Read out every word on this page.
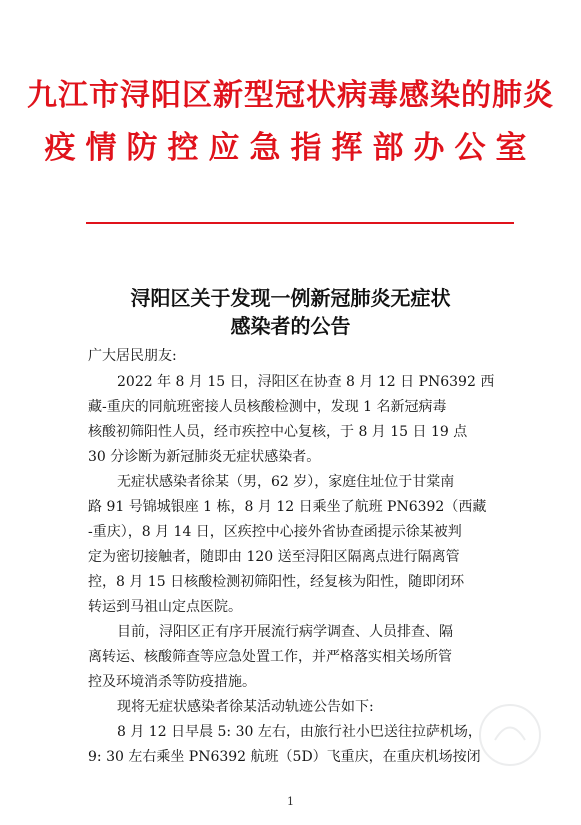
九江市浔阳区新型冠状病毒感染的肺炎
疫情防控应急指挥部办公室
浔阳区关于发现一例新冠肺炎无症状
感染者的公告
广大居民朋友:
2022 年 8 月 15 日，浔阳区在协查 8 月 12 日 PN6392 西
藏-重庆的同航班密接人员核酸检测中，发现 1 名新冠病毒
核酸初筛阳性人员，经市疾控中心复核，于 8 月 15 日 19 点
30 分诊断为新冠肺炎无症状感染者。
无症状感染者徐某（男，62 岁），家庭住址位于甘棠南
路 91 号锦城银座 1 栋，8 月 12 日乘坐了航班 PN6392（西藏
-重庆），8 月 14 日，区疾控中心接外省协查函提示徐某被判
定为密切接触者，随即由 120 送至浔阳区隔离点进行隔离管
控，8 月 15 日核酸检测初筛阳性，经复核为阳性，随即闭环
转运到马祖山定点医院。
目前，浔阳区正有序开展流行病学调查、人员排查、隔
离转运、核酸筛查等应急处置工作，并严格落实相关场所管
控及环境消杀等防疫措施。
现将无症状感染者徐某活动轨迹公告如下:
8 月 12 日早晨 5: 30 左右，由旅行社小巴送往拉萨机场，
9: 30 左右乘坐 PN6392 航班（5D）飞重庆，在重庆机场按闭
1
